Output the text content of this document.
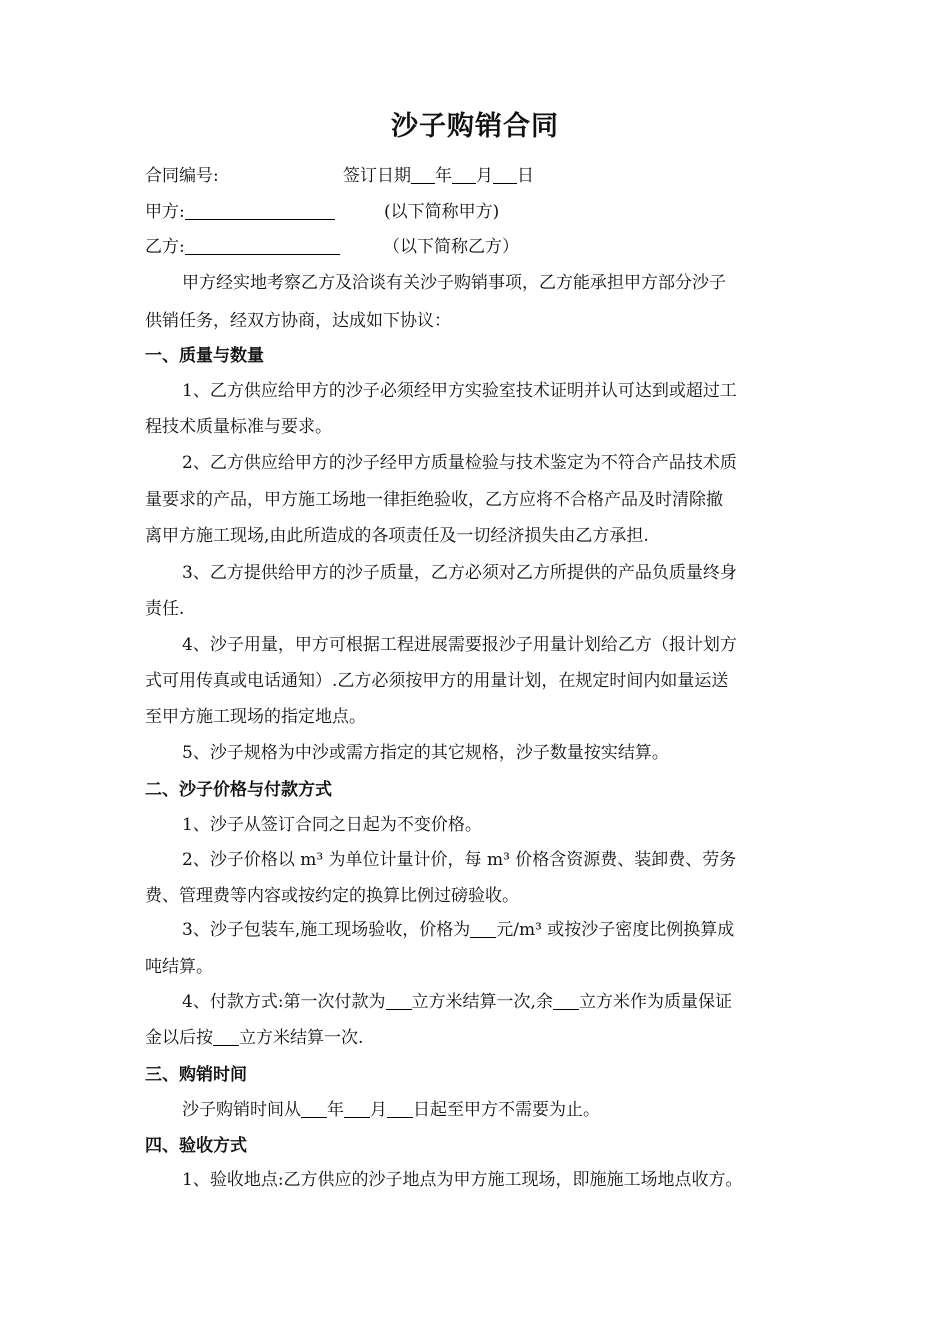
沙子购销合同
合同编号:	签订日期 年 月 日
甲方:	(以下简称甲方)
乙方:	（以下简称乙方）
甲方经实地考察乙方及洽谈有关沙子购销事项，乙方能承担甲方部分沙子
供销任务，经双方协商，达成如下协议：
一、质量与数量
1、乙方供应给甲方的沙子必须经甲方实验室技术证明并认可达到或超过工
程技术质量标准与要求。
2、乙方供应给甲方的沙子经甲方质量检验与技术鉴定为不符合产品技术质
量要求的产品，甲方施工场地一律拒绝验收，乙方应将不合格产品及时清除撤
离甲方施工现场,由此所造成的各项责任及一切经济损失由乙方承担.
3、乙方提供给甲方的沙子质量，乙方必须对乙方所提供的产品负质量终身
责任.
4、沙子用量，甲方可根据工程进展需要报沙子用量计划给乙方（报计划方
式可用传真或电话通知）.乙方必须按甲方的用量计划，在规定时间内如量运送
至甲方施工现场的指定地点。
5、沙子规格为中沙或需方指定的其它规格，沙子数量按实结算。
二、沙子价格与付款方式
1、沙子从签订合同之日起为不变价格。
2、沙子价格以 m³ 为单位计量计价，每 m³ 价格含资源费、装卸费、劳务
费、管理费等内容或按约定的换算比例过磅验收。
3、沙子包装车,施工现场验收，价格为 元/m³ 或按沙子密度比例换算成
吨结算。
4、付款方式:第一次付款为 立方米结算一次,余 立方米作为质量保证
金以后按 立方米结算一次.
三、购销时间
沙子购销时间从 年 月 日起至甲方不需要为止。
四、验收方式
1、验收地点:乙方供应的沙子地点为甲方施工现场，即施施工场地点收方。
